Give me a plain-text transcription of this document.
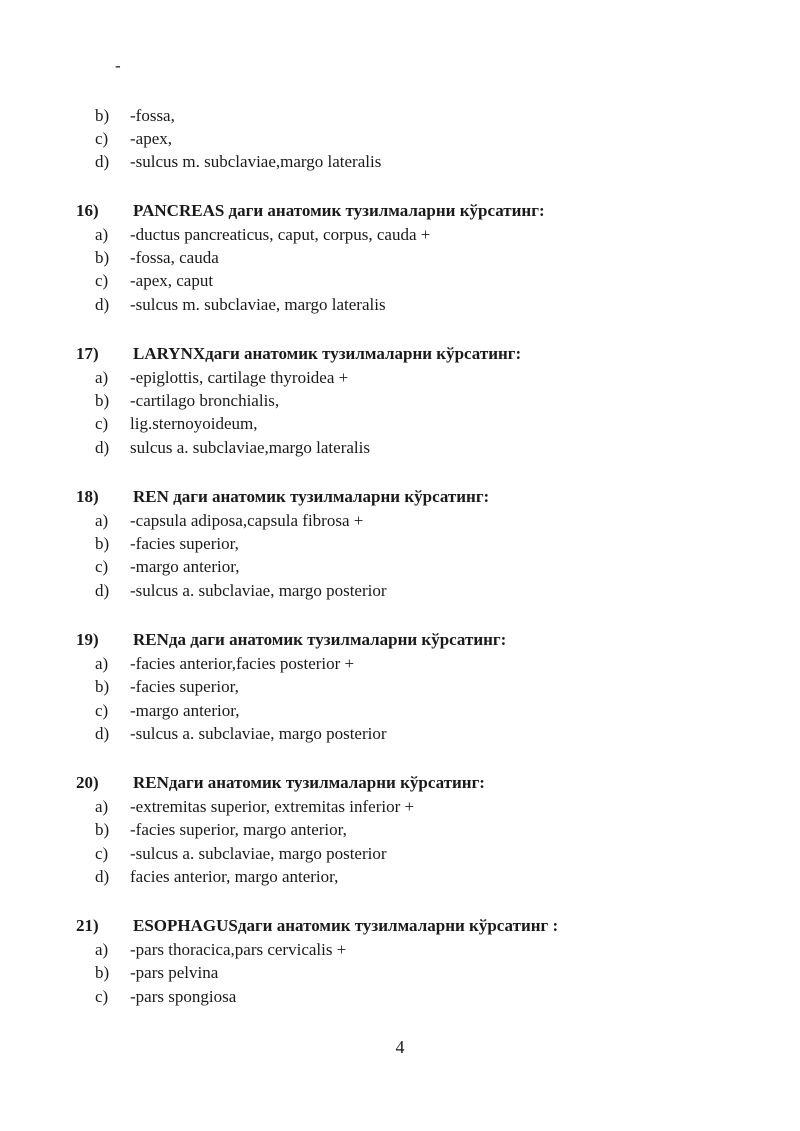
-
b) -fossa,
c) -apex,
d) -sulcus m. subclaviae,margo lateralis
16) PANCREAS даги анатомик тузилмаларни кўрсатинг:
a) -ductus pancreaticus, caput, corpus, cauda +
b) -fossa, cauda
c) -apex, caput
d) -sulcus m. subclaviae, margo lateralis
17) LARYNXдаги анатомик тузилмаларни кўрсатинг:
a) -epiglottis, cartilage thyroidea +
b) -cartilago bronchialis,
c) lig.sternoyoideum,
d) sulcus a. subclaviae,margo lateralis
18) REN даги анатомик тузилмаларни кўрсатинг:
a) -capsula adiposa,capsula fibrosa +
b) -facies superior,
c) -margo anterior,
d) -sulcus a. subclaviae, margo posterior
19) RENда даги анатомик тузилмаларни кўрсатинг:
a) -facies anterior,facies posterior +
b) -facies superior,
c) -margo anterior,
d) -sulcus a. subclaviae, margo posterior
20) RENдаги анатомик тузилмаларни кўрсатинг:
a) -extremitas superior, extremitas inferior +
b) -facies superior, margo anterior,
c) -sulcus a. subclaviae, margo posterior
d) facies anterior, margo anterior,
21) ESOPHAGUSдаги анатомик тузилмаларни кўрсатинг :
a) -pars thoracica,pars cervicalis +
b) -pars pelvina
c) -pars spongiosa
4
